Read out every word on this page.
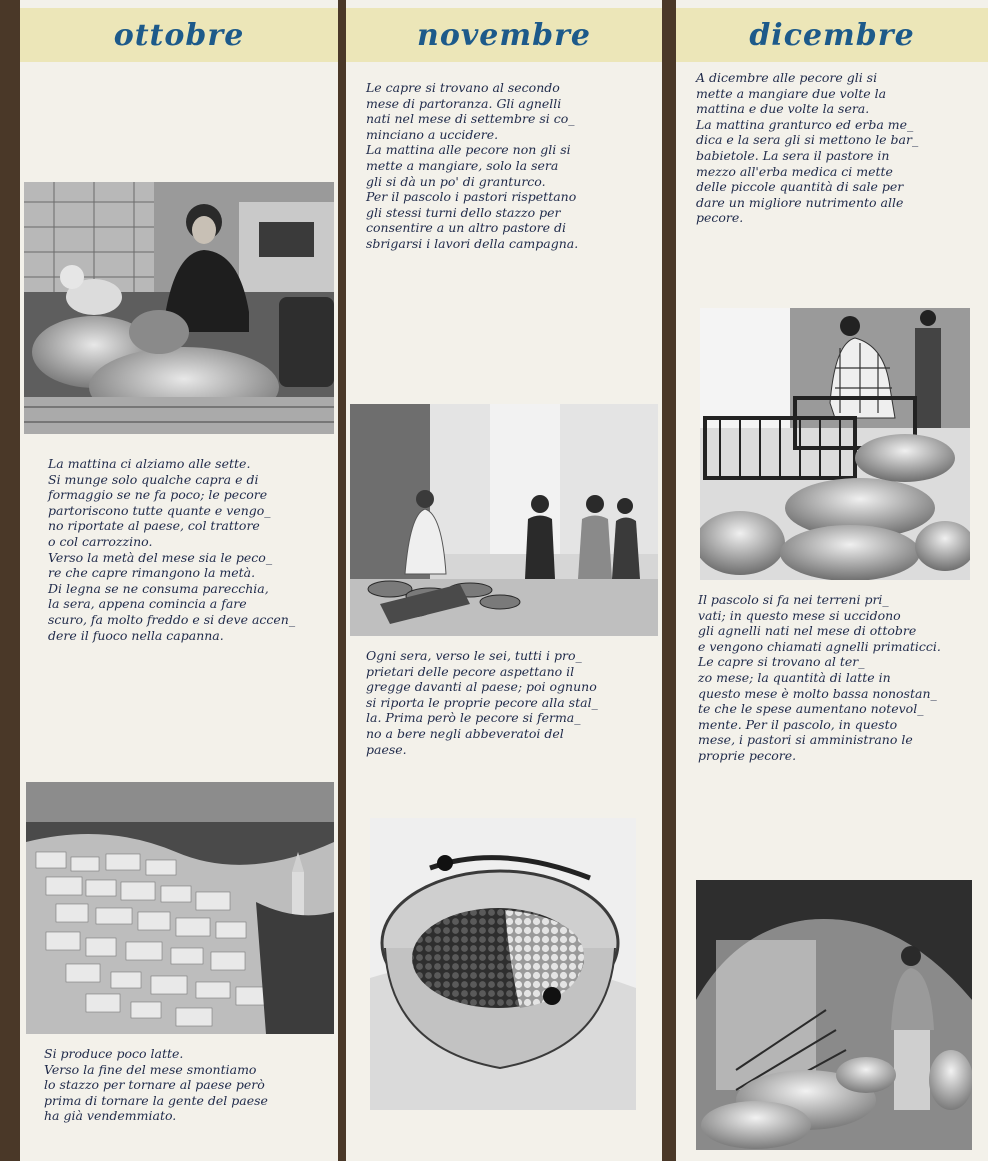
ottobre

La mattina ci alziamo alle sette.
Si munge solo qualche capra e di
formaggio se ne fa poco; le pecore
partoriscono tutte quante e vengo_
no riportate al paese, col trattore
o col carrozzino.
Verso la metà del mese sia le peco_
re che capre rimangono la metà.
Di legna se ne consuma parecchia,
la sera, appena comincia a fare
scuro, fa molto freddo e si deve accen_
dere il fuoco nella capanna.

Si produce poco latte.
Verso la fine del mese smontiamo
lo stazzo per tornare al paese però
prima di tornare la gente del paese
ha già vendemmiato.

novembre

Le capre si trovano al secondo
mese di partoranza. Gli agnelli
nati nel mese di settembre si co_
minciano a uccidere.
La mattina alle pecore non gli si
mette a mangiare, solo la sera
gli si dà un po' di granturco.
Per il pascolo i pastori rispettano
gli stessi turni dello stazzo per
consentire a un altro pastore di
sbrigarsi i lavori della campagna.

Ogni sera, verso le sei, tutti i pro_
prietari delle pecore aspettano il
gregge davanti al paese; poi ognuno
si riporta le proprie pecore alla stal_
la. Prima però le pecore si ferma_
no a bere negli abbeveratoi del
paese.

dicembre

A dicembre alle pecore gli si
mette a mangiare due volte la
mattina e due volte la sera.
La mattina granturco ed erba me_
dica e la sera gli si mettono le bar_
babietole. La sera il pastore in
mezzo all'erba medica ci mette
delle piccole quantità di sale per
dare un migliore nutrimento alle
pecore.

Il pascolo si fa nei terreni pri_
vati; in questo mese si uccidono
gli agnelli nati nel mese di ottobre
e vengono chiamati agnelli primaticci.
Le capre si trovano al ter_
zo mese; la quantità di latte in
questo mese è molto bassa nonostan_
te che le spese aumentano notevol_
mente. Per il pascolo, in questo
mese, i pastori si amministrano le
proprie pecore.
